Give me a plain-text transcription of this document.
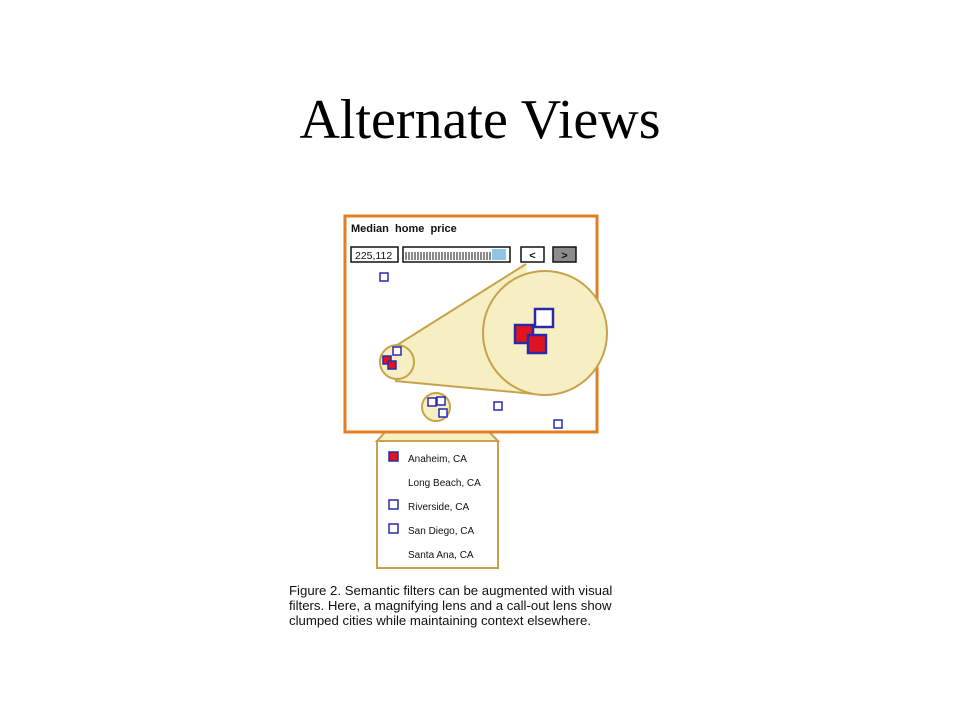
Alternate Views
Median  home  price
225,112	< >
Anaheim, CA
Long Beach, CA
Riverside, CA
San Diego, CA
Santa Ana, CA
Figure 2. Semantic filters can be augmented with visual
filters. Here, a magnifying lens and a call-out lens show
clumped cities while maintaining context elsewhere.
